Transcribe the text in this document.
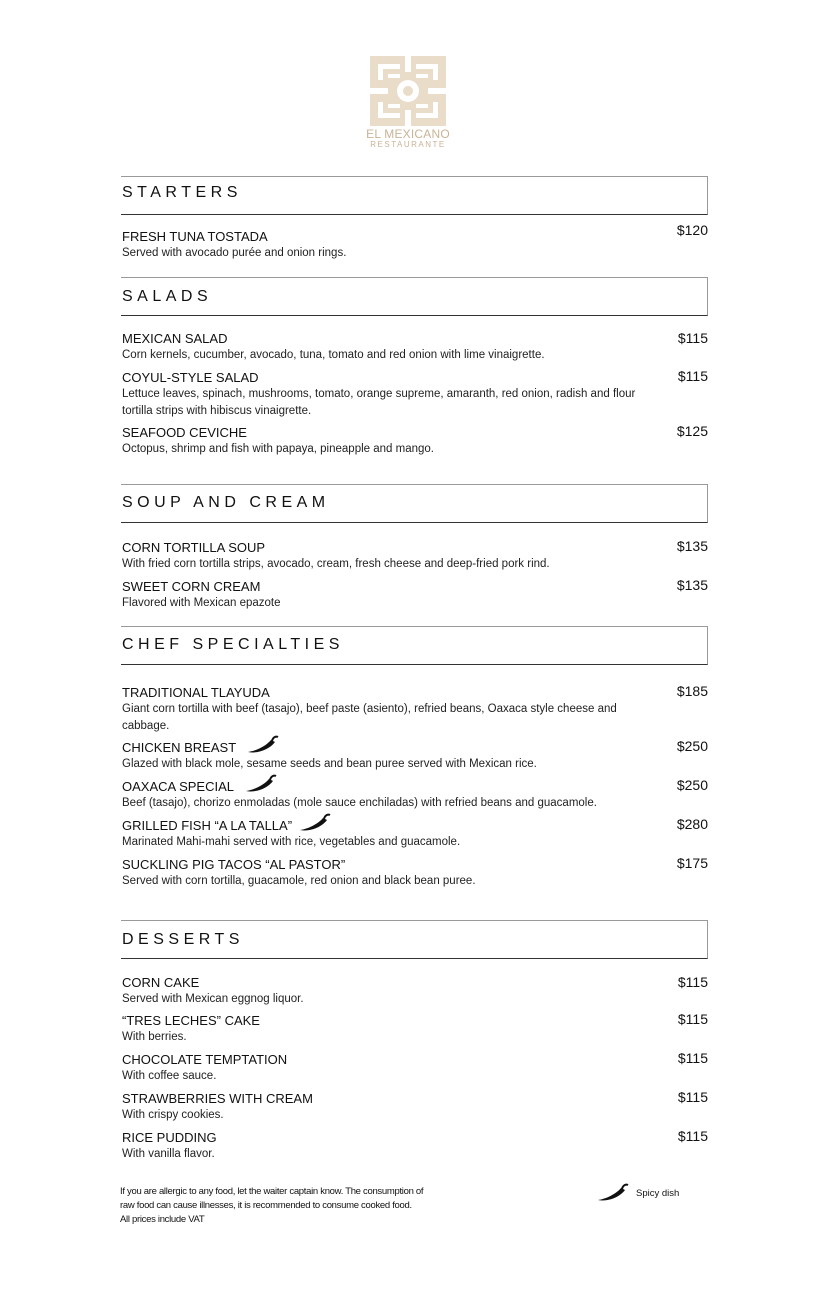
EL MEXICANO
RESTAURANTE
STARTERS
FRESH TUNA TOSTADA
Served with avocado purée and onion rings.
$120
SALADS
MEXICAN SALAD
Corn kernels, cucumber, avocado, tuna, tomato and red onion with lime vinaigrette.
$115
COYUL-STYLE SALAD
Lettuce leaves, spinach, mushrooms, tomato, orange supreme, amaranth, red onion, radish and flour tortilla strips with hibiscus vinaigrette.
$115
SEAFOOD CEVICHE
Octopus, shrimp and fish with papaya, pineapple and mango.
$125
SOUP AND CREAM
CORN TORTILLA SOUP
With fried corn tortilla strips, avocado, cream, fresh cheese and deep-fried pork rind.
$135
SWEET CORN CREAM
Flavored with Mexican epazote
$135
CHEF SPECIALTIES
TRADITIONAL TLAYUDA
Giant corn tortilla with beef (tasajo), beef paste (asiento), refried beans, Oaxaca style cheese and cabbage.
$185
CHICKEN BREAST
Glazed with black mole, sesame seeds and bean puree served with Mexican rice.
$250
OAXACA SPECIAL
Beef (tasajo), chorizo enmoladas (mole sauce enchiladas) with refried beans and guacamole.
$250
GRILLED FISH “A LA TALLA”
Marinated Mahi-mahi served with rice, vegetables and guacamole.
$280
SUCKLING PIG TACOS “AL PASTOR”
Served with corn tortilla, guacamole, red onion and black bean puree.
$175
DESSERTS
CORN CAKE
Served with Mexican eggnog liquor.
$115
“TRES LECHES” CAKE
With berries.
$115
CHOCOLATE TEMPTATION
With coffee sauce.
$115
STRAWBERRIES WITH CREAM
With crispy cookies.
$115
RICE PUDDING
With vanilla flavor.
$115
If you are allergic to any food, let the waiter captain know. The consumption of
raw food can cause illnesses, it is recommended to consume cooked food.
All prices include VAT
Spicy dish
